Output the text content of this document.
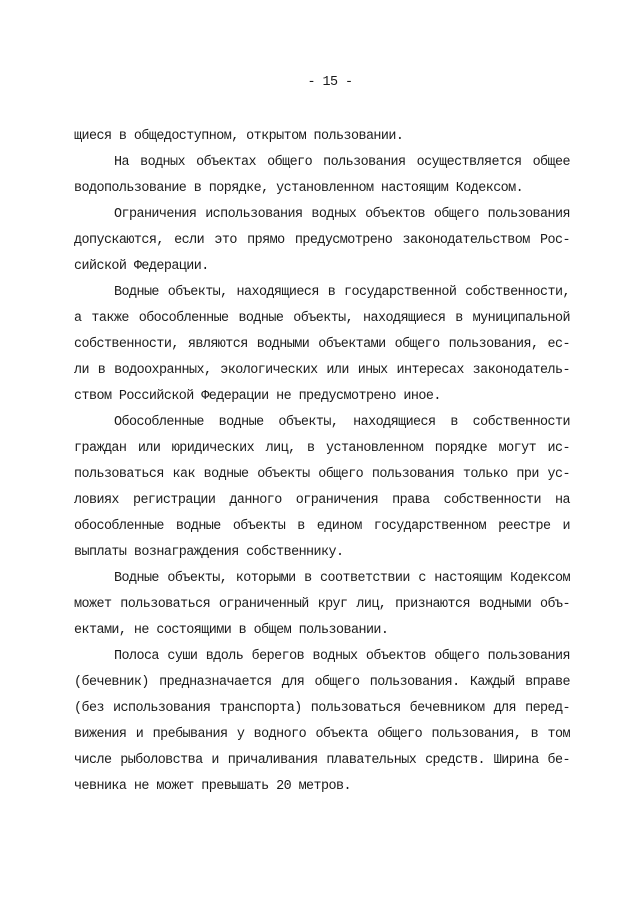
- 15 -
щиеся в общедоступном, открытом пользовании.
На водных объектах общего пользования осуществляется общее
водопользование в порядке, установленном настоящим Кодексом.
Ограничения использования водных объектов общего пользования
допускаются, если это прямо предусмотрено законодательством Рос-
сийской Федерации.
Водные объекты, находящиеся в государственной собственности,
а также обособленные водные объекты, находящиеся в муниципальной
собственности, являются водными объектами общего пользования, ес-
ли в водоохранных, экологических или иных интересах законодатель-
ством Российской Федерации не предусмотрено иное.
Обособленные водные объекты, находящиеся в собственности
граждан или юридических лиц, в установленном порядке могут ис-
пользоваться как водные объекты общего пользования только при ус-
ловиях регистрации данного ограничения права собственности на
обособленные водные объекты в едином государственном реестре и
выплаты вознаграждения собственнику.
Водные объекты, которыми в соответствии с настоящим Кодексом
может пользоваться ограниченный круг лиц, признаются водными объ-
ектами, не состоящими в общем пользовании.
Полоса суши вдоль берегов водных объектов общего пользования
(бечевник) предназначается для общего пользования. Каждый вправе
(без использования транспорта) пользоваться бечевником для перед-
вижения и пребывания у водного объекта общего пользования, в том
числе рыболовства и причаливания плавательных средств. Ширина бе-
чевника не может превышать 20 метров.
